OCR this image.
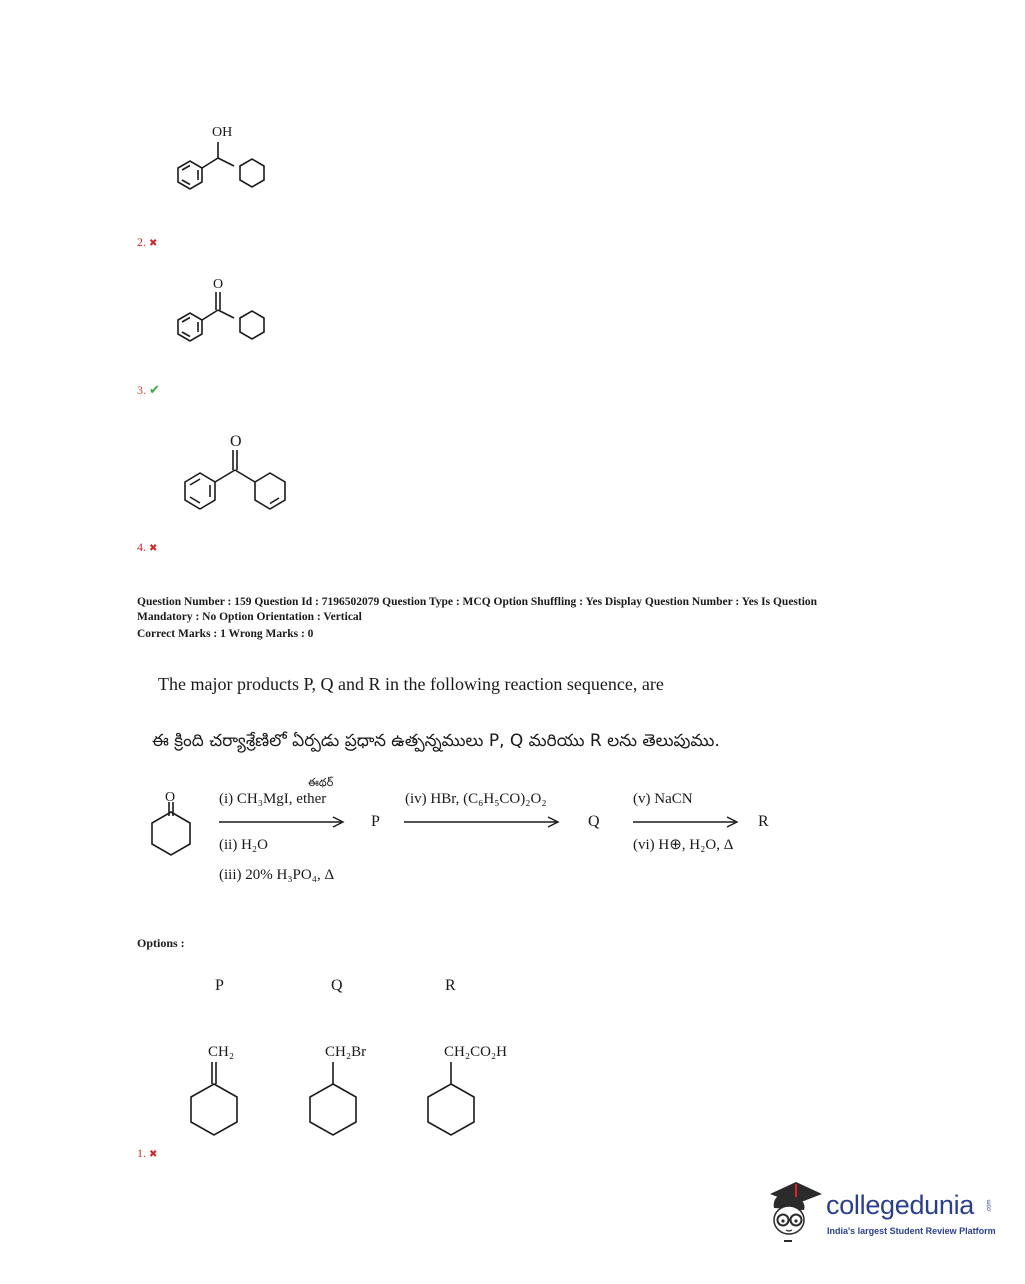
OH
2. ✖
O
3. ✔
O
4. ✖
Question Number : 159 Question Id : 7196502079 Question Type : MCQ Option Shuffling : Yes Display Question Number : Yes Is Question
Mandatory : No Option Orientation : Vertical
Correct Marks : 1 Wrong Marks : 0
The major products P, Q and R in the following reaction sequence, are
ఈ క్రింది చర్యాశ్రేణిలో ఏర్పడు ప్రధాన ఉత్పన్నములు P, Q మరియు R లను తెలుపుము.
O
ఈథర్
(i) CH₃MgI, ether
(ii) H₂O
(iii) 20% H₃PO₄, Δ
P
(iv) HBr, (C₆H₅CO)₂O₂
Q
(v) NaCN
(vi) H⊕, H₂O, Δ
R
Options :
P	Q	R
CH₂	CH₂Br	CH₂CO₂H
1. ✖
collegedunia .com
India's largest Student Review Platform
